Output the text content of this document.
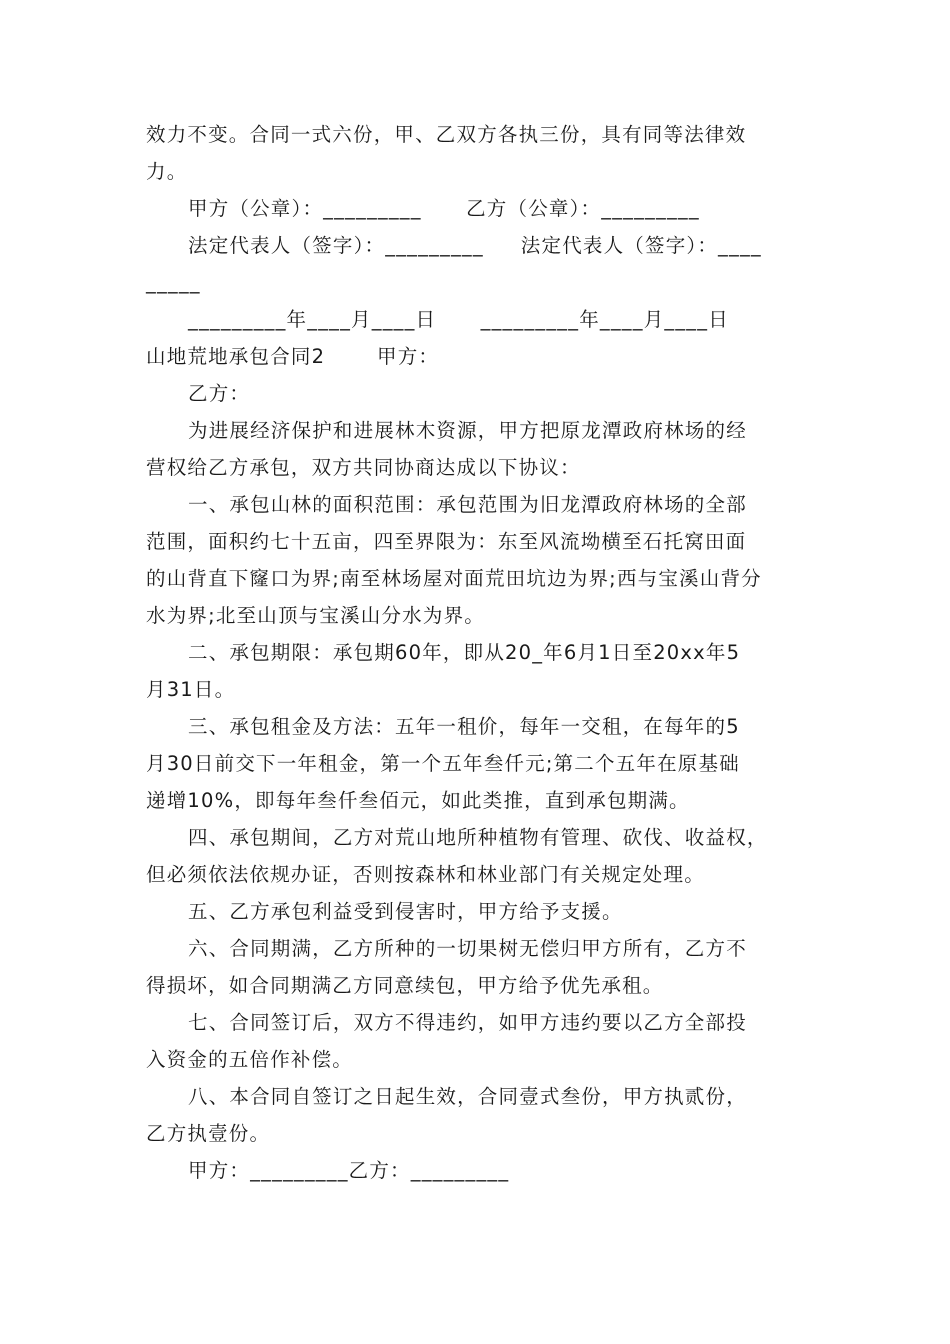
效力不变。合同一式六份，甲、乙双方各执三份，具有同等法律效

力。

甲方（公章）：_________      乙方（公章）：_________

法定代表人（签字）：_________     法定代表人（签字）：____

_____

_________年____月____日      _________年____月____日

山地荒地承包合同2       甲方：

乙方：

为进展经济保护和进展林木资源，甲方把原龙潭政府林场的经

营权给乙方承包，双方共同协商达成以下协议：

一、承包山林的面积范围：承包范围为旧龙潭政府林场的全部

范围，面积约七十五亩，四至界限为：东至风流坳横至石托窝田面

的山背直下窿口为界;南至林场屋对面荒田坑边为界;西与宝溪山背分

水为界;北至山顶与宝溪山分水为界。

二、承包期限：承包期60年，即从20_年6月1日至20xx年5

月31日。

三、承包租金及方法：五年一租价，每年一交租，在每年的5

月30日前交下一年租金，第一个五年叁仟元;第二个五年在原基础

递增10%，即每年叁仟叁佰元，如此类推，直到承包期满。

四、承包期间，乙方对荒山地所种植物有管理、砍伐、收益权，

但必须依法依规办证，否则按森林和林业部门有关规定处理。

五、乙方承包利益受到侵害时，甲方给予支援。

六、合同期满，乙方所种的一切果树无偿归甲方所有，乙方不

得损坏，如合同期满乙方同意续包，甲方给予优先承租。

七、合同签订后，双方不得违约，如甲方违约要以乙方全部投

入资金的五倍作补偿。

八、本合同自签订之日起生效，合同壹式叁份，甲方执贰份，

乙方执壹份。

甲方：_________乙方：_________
